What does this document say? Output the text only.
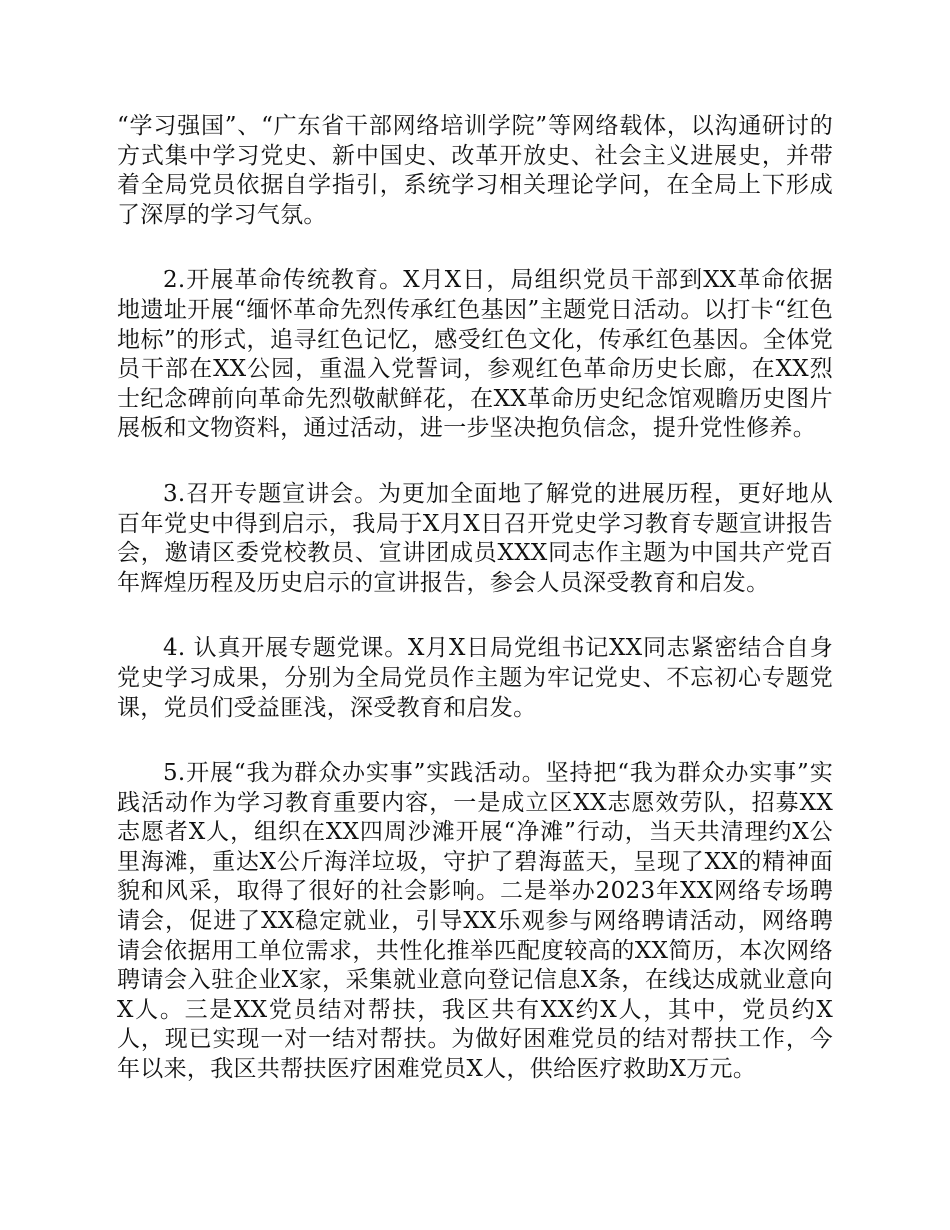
“学习强国”、“广东省干部网络培训学院”等网络载体，以沟通研讨的方式集中学习党史、新中国史、改革开放史、社会主义进展史，并带着全局党员依据自学指引，系统学习相关理论学问，在全局上下形成了深厚的学习气氛。

2.开展革命传统教育。X月X日，局组织党员干部到XX革命依据地遗址开展“缅怀革命先烈传承红色基因”主题党日活动。以打卡“红色地标”的形式，追寻红色记忆，感受红色文化，传承红色基因。全体党员干部在XX公园，重温入党誓词，参观红色革命历史长廊，在XX烈士纪念碑前向革命先烈敬献鲜花，在XX革命历史纪念馆观瞻历史图片展板和文物资料，通过活动，进一步坚决抱负信念，提升党性修养。

3.召开专题宣讲会。为更加全面地了解党的进展历程，更好地从百年党史中得到启示，我局于X月X日召开党史学习教育专题宣讲报告会，邀请区委党校教员、宣讲团成员XXX同志作主题为中国共产党百年辉煌历程及历史启示的宣讲报告，参会人员深受教育和启发。

4. 认真开展专题党课。X月X日局党组书记XX同志紧密结合自身党史学习成果，分别为全局党员作主题为牢记党史、不忘初心专题党课，党员们受益匪浅，深受教育和启发。

5.开展“我为群众办实事”实践活动。坚持把“我为群众办实事”实践活动作为学习教育重要内容，一是成立区XX志愿效劳队，招募XX志愿者X人，组织在XX四周沙滩开展“净滩”行动，当天共清理约X公里海滩，重达X公斤海洋垃圾，守护了碧海蓝天，呈现了XX的精神面貌和风采，取得了很好的社会影响。二是举办2023年XX网络专场聘请会，促进了XX稳定就业，引导XX乐观参与网络聘请活动，网络聘请会依据用工单位需求，共性化推举匹配度较高的XX简历，本次网络聘请会入驻企业X家，采集就业意向登记信息X条，在线达成就业意向X人。三是XX党员结对帮扶，我区共有XX约X人，其中，党员约X人，现已实现一对一结对帮扶。为做好困难党员的结对帮扶工作，今年以来，我区共帮扶医疗困难党员X人，供给医疗救助X万元。
